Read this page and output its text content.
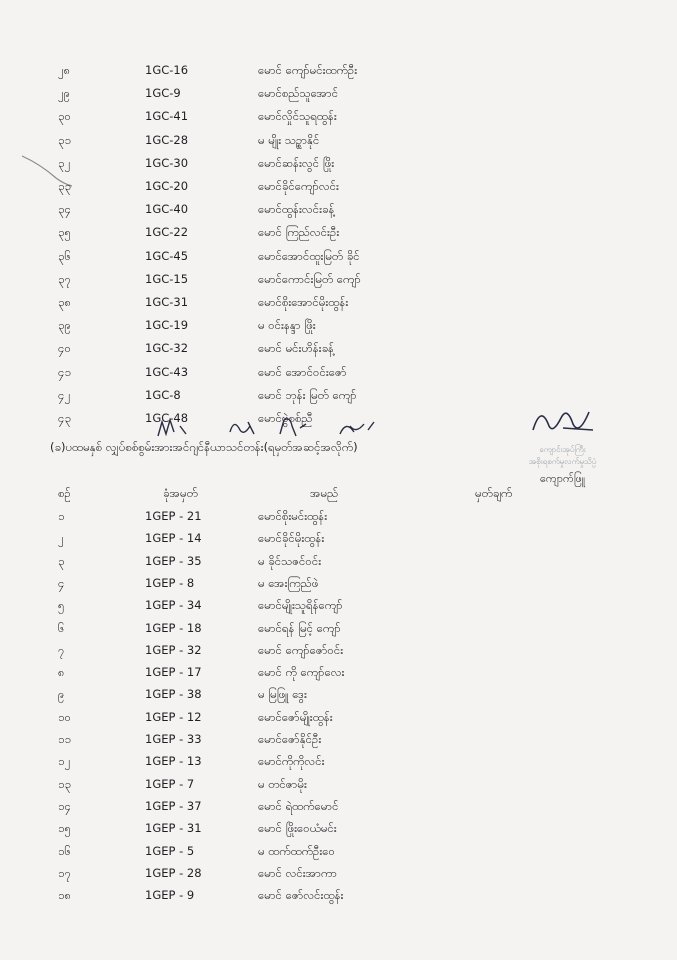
၂၈	1GC-16	မောင် ကျော်မင်းထက်ဦး
၂၉	1GC-9	မောင်စည်သူအောင်
၃၀	1GC-41	မောင်လှိုင်သူရထွန်း
၃၁	1GC-28	မ မျိုး သဥ္စာနိုင်
၃၂	1GC-30	မောင်ဆန်းလွင် ဖြိုး
၃၃	1GC-20	မောင်ခိုင်ကျော်လင်း
၃၄	1GC-40	မောင်ထွန်းလင်းခန့်
၃၅	1GC-22	မောင် ကြည်လင်းဦး
၃၆	1GC-45	မောင်အောင်ထူးမြတ် ခိုင်
၃၇	1GC-15	မောင်ကောင်းမြတ် ကျော်
၃၈	1GC-31	မောင်စိုးအောင်မိုးထွန်း
၃၉	1GC-19	မ ဝင်းနန္ဒာ ဖြိုး
၄၀	1GC-32	မောင် မင်းဟိန်းခန့်
၄၁	1GC-43	မောင် အောင်ဝင်းဇော်
၄၂	1GC-8	မောင် ဘုန်း မြတ် ကျော်
၄၃	1GC-48	မောင်ဗွဲစစ်ညီ
(ခ)ပထမနှစ် လျှပ်စစ်စွမ်းအားအင်ဂျင်နီယာသင်တန်း(ရမှတ်အဆင့်အလိုက်)
စဥ်	ခုံအမှတ်	အမည်	မှတ်ချက်
၁	1GEP - 21	မောင်စိုးမင်းထွန်း
၂	1GEP - 14	မောင်ခိုင်မိုးထွန်း
၃	1GEP - 35	မ ခိုင်သဇင်ဝင်း
၄	1GEP - 8	မ အေးကြည်ဖဲ
၅	1GEP - 34	မောင်မျိုးသူရိန်ကျော်
၆	1GEP - 18	မောင်ရန် မြင့် ကျော်
၇	1GEP - 32	မောင် ကျော်ဇော်ဝင်း
၈	1GEP - 17	မောင် ကို ကျော်လေး
၉	1GEP - 38	မ မြဖြူ ဒွေး
၁၀	1GEP - 12	မောင်ဇော်မျိုးထွန်း
၁၁	1GEP - 33	မောင်ဇော်နိုင်ဦး
၁၂	1GEP - 13	မောင်ကိုကိုလင်း
၁၃	1GEP - 7	မ တင်ဇာမိုး
၁၄	1GEP - 37	မောင် ရဲထက်မောင်
၁၅	1GEP - 31	မောင် ဖြိုးဝေယံမင်း
၁၆	1GEP - 5	မ ထက်ထက်ဦးဝေ
၁၇	1GEP - 28	မောင် လင်းအာကာ
၁၈	1GEP - 9	မောင် ဇော်လင်းထွန်း
ကျောင်းအုပ်ကြီး
အစိုးရစက်မှုလက်မှုသိပ္ပံ
ကျောက်ဖြူ
